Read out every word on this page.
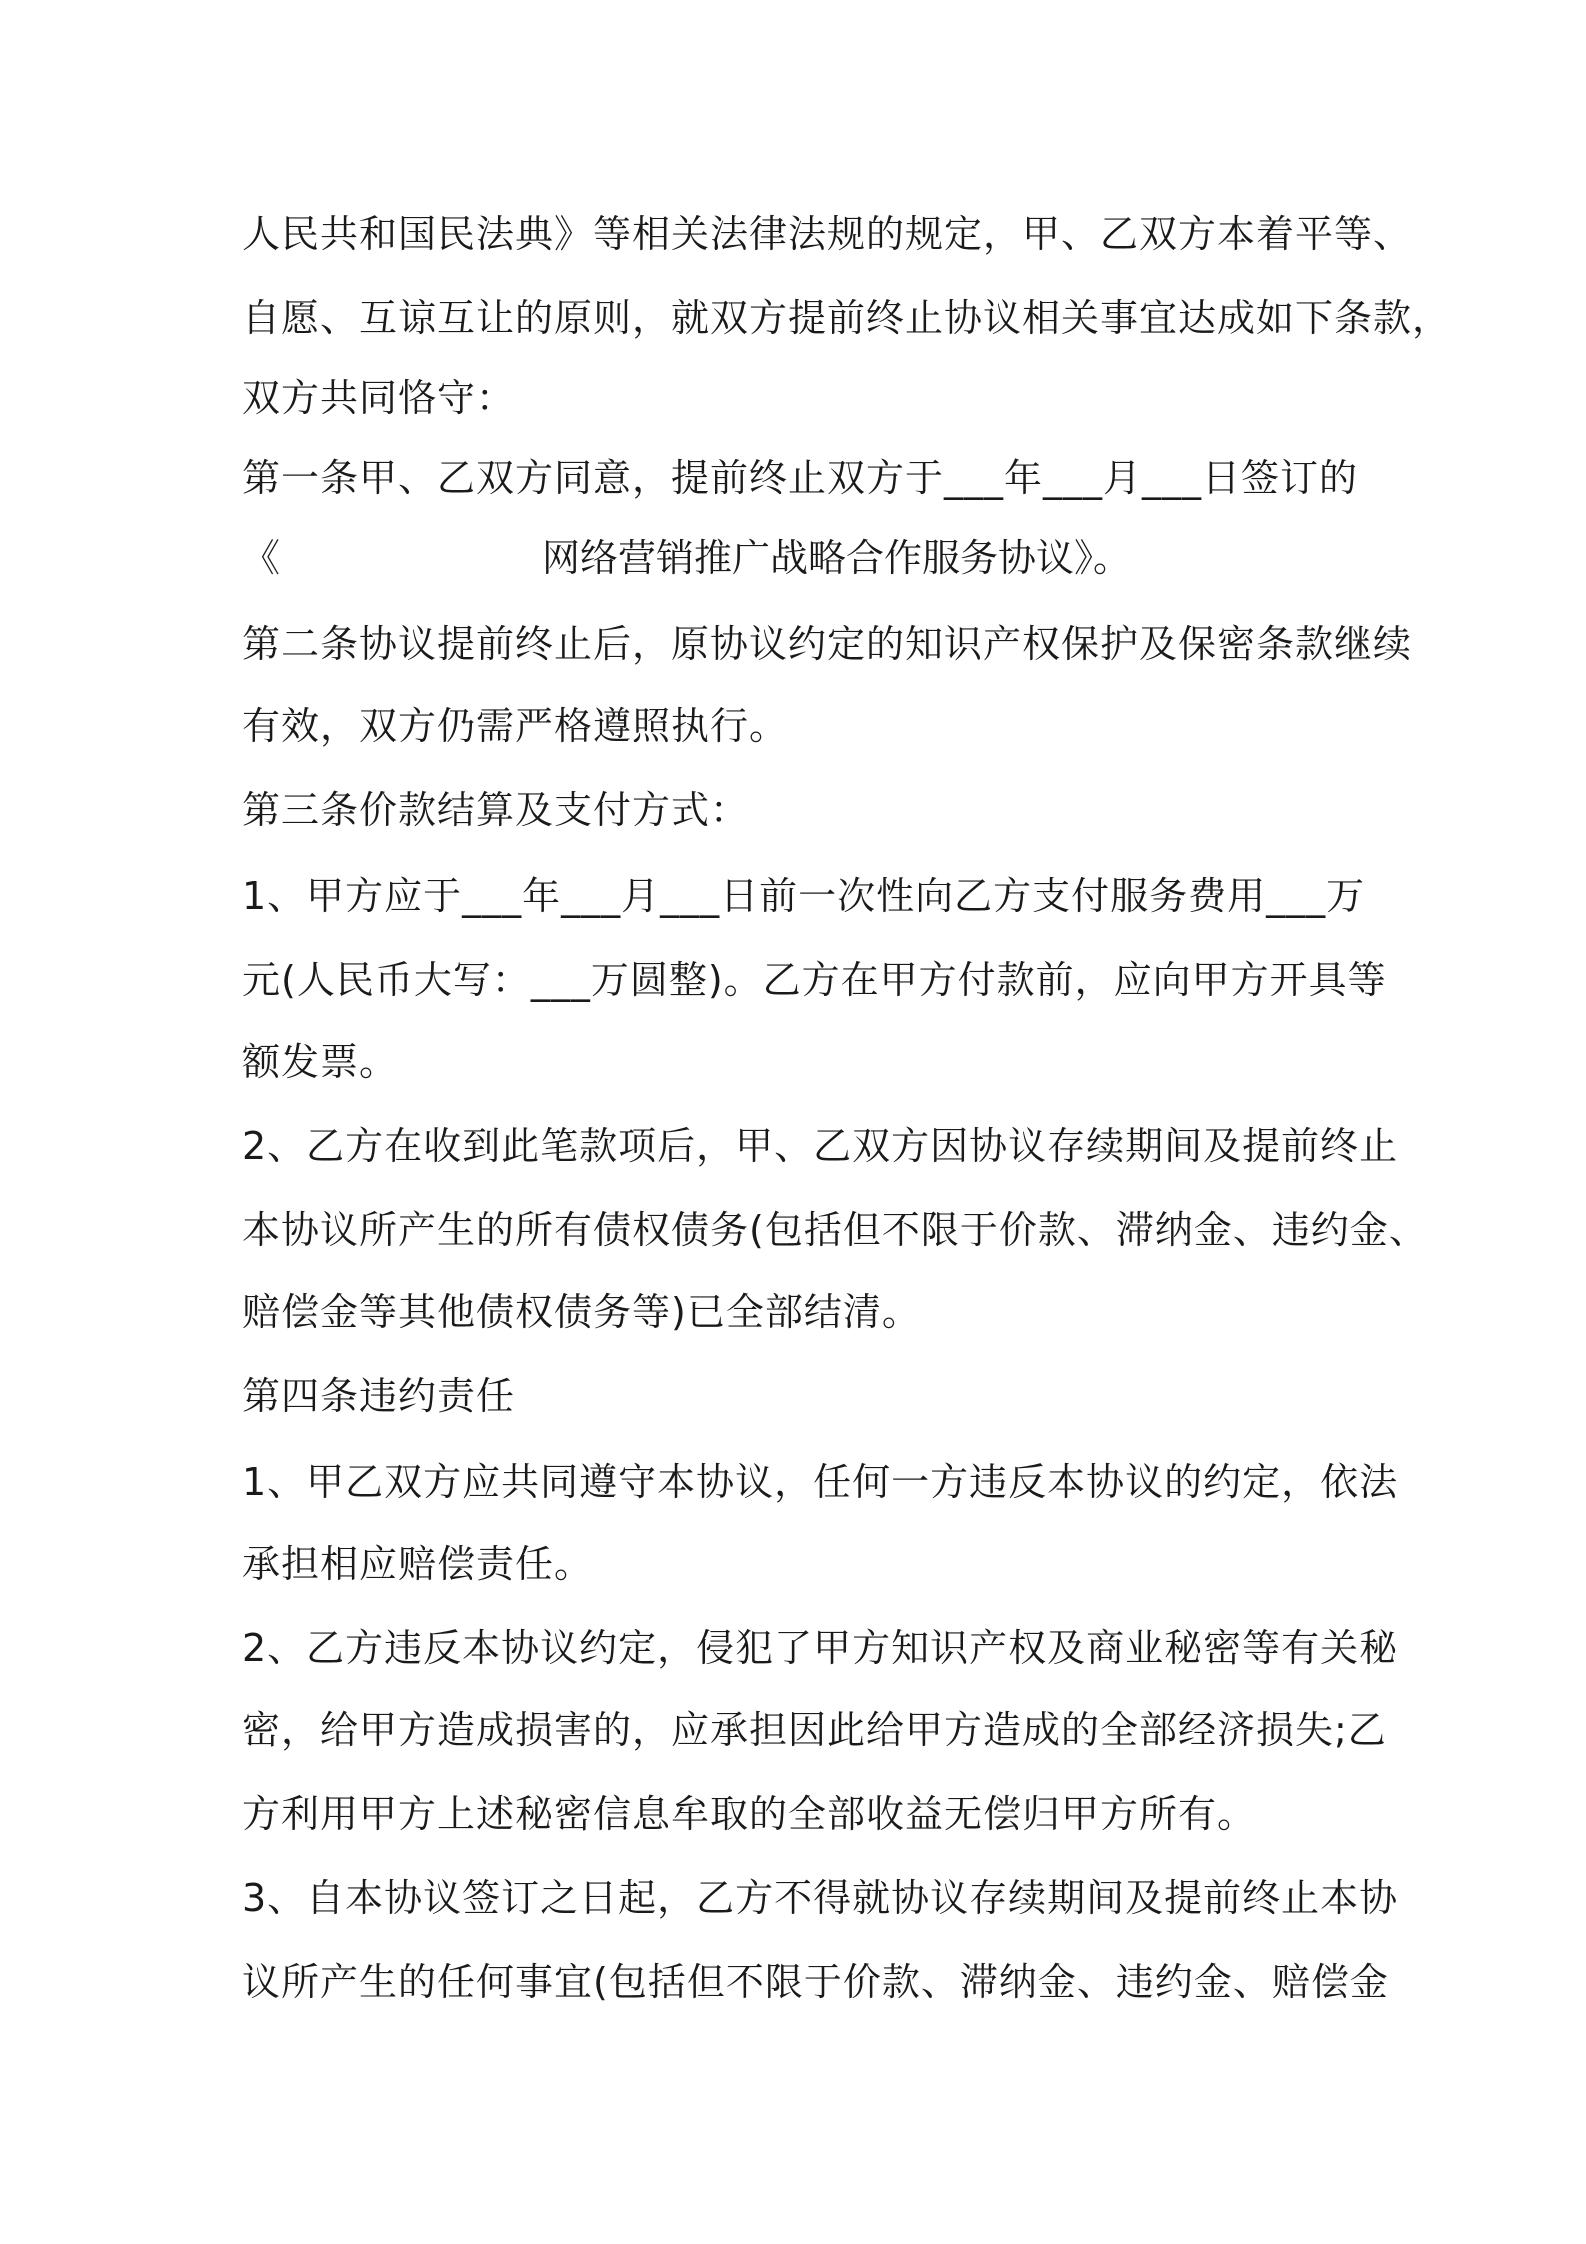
人民共和国民法典》等相关法律法规的规定，甲、乙双方本着平等、
自愿、互谅互让的原则，就双方提前终止协议相关事宜达成如下条款，
双方共同恪守：
第一条甲、乙双方同意，提前终止双方于___年___月___日签订的
《	网络营销推广战略合作服务协议》。
第二条协议提前终止后，原协议约定的知识产权保护及保密条款继续
有效，双方仍需严格遵照执行。
第三条价款结算及支付方式：
1、甲方应于___年___月___日前一次性向乙方支付服务费用___万
元(人民币大写：___万圆整)。乙方在甲方付款前，应向甲方开具等
额发票。
2、乙方在收到此笔款项后，甲、乙双方因协议存续期间及提前终止
本协议所产生的所有债权债务(包括但不限于价款、滞纳金、违约金、
赔偿金等其他债权债务等)已全部结清。
第四条违约责任
1、甲乙双方应共同遵守本协议，任何一方违反本协议的约定，依法
承担相应赔偿责任。
2、乙方违反本协议约定，侵犯了甲方知识产权及商业秘密等有关秘
密，给甲方造成损害的，应承担因此给甲方造成的全部经济损失;乙
方利用甲方上述秘密信息牟取的全部收益无偿归甲方所有。
3、自本协议签订之日起，乙方不得就协议存续期间及提前终止本协
议所产生的任何事宜(包括但不限于价款、滞纳金、违约金、赔偿金
